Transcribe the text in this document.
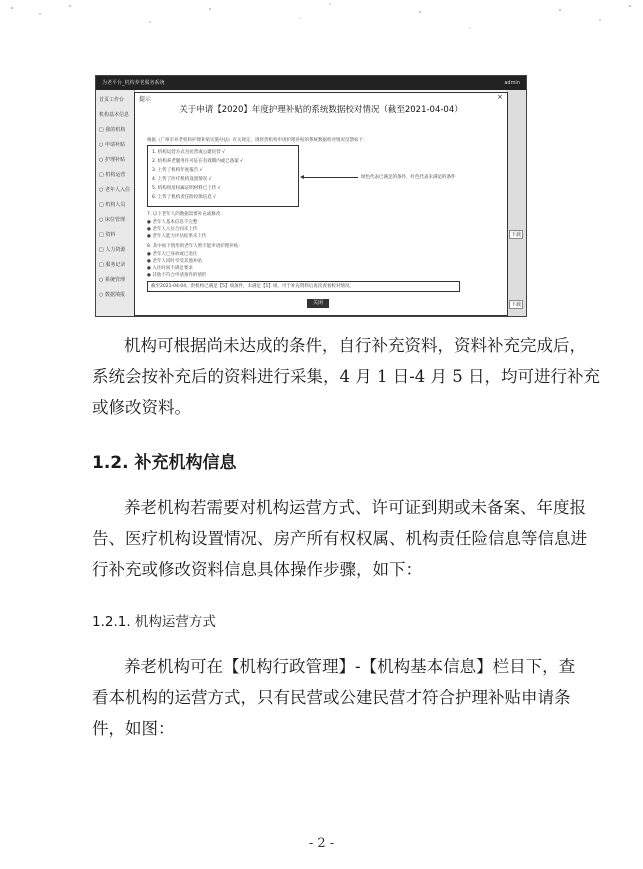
为老平台_机构养老服务系统	admin
首页工作台
机构基本信息
□ 我的机构
○ 申请补贴
○ 护理补贴
□ 机构运营
○ 老年人入住
□ 机构人员
○ 床位管理
□ 资料
□ 人力资源
□ 服务记录
○ 系统管理
○ 数据填报
下载
下载
提示	×
关于申请【2020】年度护理补贴的系统数据校对情况（截至2021-04-04）
根据《广州市养老机构护理补贴实施办法》有关规定，现将贵机构申请护理补贴的系统数据校对情况反馈如下：
1. 机构运营方式为民营或公建民营 √
2. 机构养老服务许可证在有效期内或已备案 √
3. 上传了机构年度报告 √
4. 上传了医疗机构设置情况 √
5. 机构用房权属证明材料已上传 √
6. 上传了机构责任险投保信息 √
绿色代表已满足的条件，红色代表未满足的条件
7. 以下老年人的数据需要补充或修改：
● 老年人基本信息不完整
● 老年人入住合同未上传
● 老年人能力评估结果未上传
8. 其中如下情形的老年人暂不能申请护理补贴：
● 老年人已身故或已退住
● 老年人同时享受其他补贴
● 入住时间不满足要求
● 其他不符合申请条件的情形
截至2021-04-04，贵机构已满足【5】项条件，未满足【1】项，可于补充资料后再次查看校对情况。
关闭
机构可根据尚未达成的条件，自行补充资料，资料补充完成后，
系统会按补充后的资料进行采集，4 月 1 日-4 月 5 日，均可进行补充
或修改资料。
1.2. 补充机构信息
养老机构若需要对机构运营方式、许可证到期或未备案、年度报
告、医疗机构设置情况、房产所有权权属、机构责任险信息等信息进
行补充或修改资料信息具体操作步骤，如下：
1.2.1. 机构运营方式
养老机构可在【机构行政管理】-【机构基本信息】栏目下，查
看本机构的运营方式，只有民营或公建民营才符合护理补贴申请条
件，如图：
- 2 -
